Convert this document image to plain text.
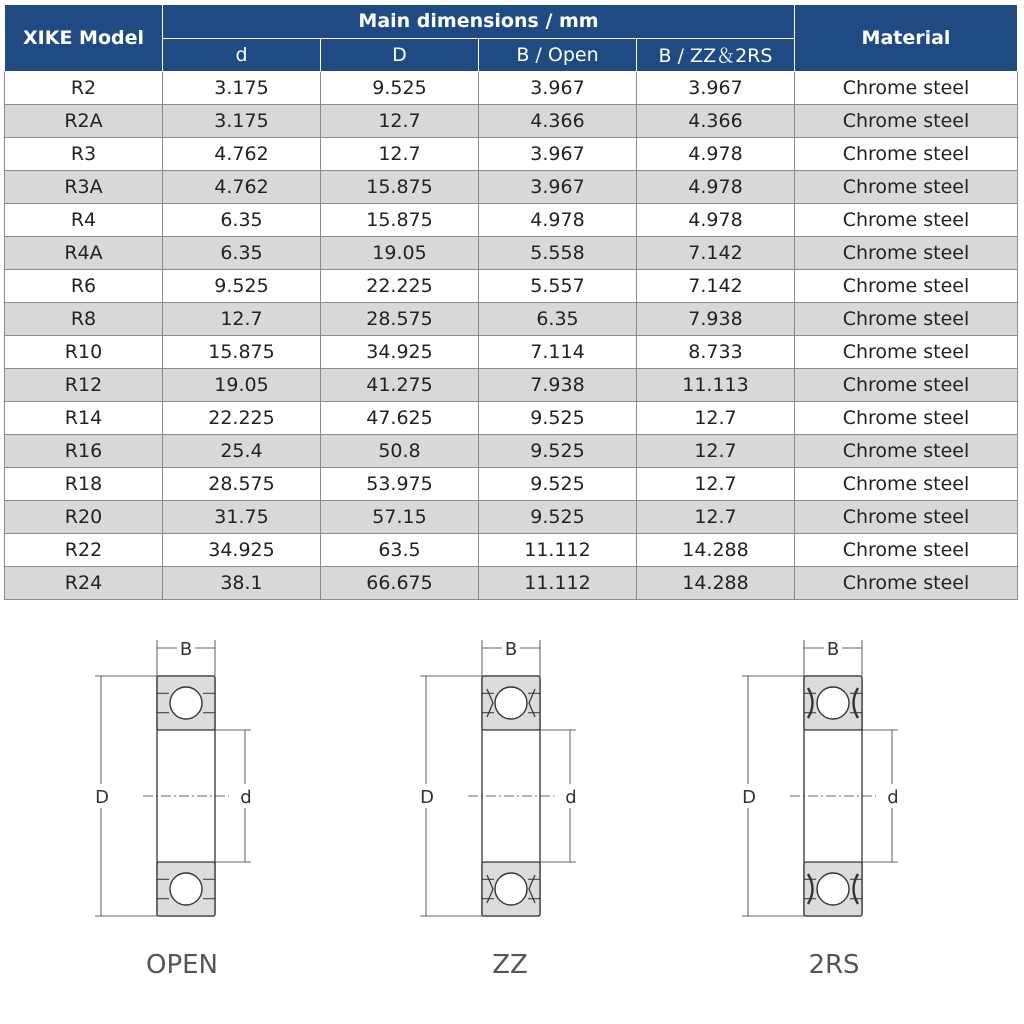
XIKE Model	Main dimensions / mm				Material
	d	D	B / Open	B / ZZ＆2RS	
R2	3.175	9.525	3.967	3.967	Chrome steel
R2A	3.175	12.7	4.366	4.366	Chrome steel
R3	4.762	12.7	3.967	4.978	Chrome steel
R3A	4.762	15.875	3.967	4.978	Chrome steel
R4	6.35	15.875	4.978	4.978	Chrome steel
R4A	6.35	19.05	5.558	7.142	Chrome steel
R6	9.525	22.225	5.557	7.142	Chrome steel
R8	12.7	28.575	6.35	7.938	Chrome steel
R10	15.875	34.925	7.114	8.733	Chrome steel
R12	19.05	41.275	7.938	11.113	Chrome steel
R14	22.225	47.625	9.525	12.7	Chrome steel
R16	25.4	50.8	9.525	12.7	Chrome steel
R18	28.575	53.975	9.525	12.7	Chrome steel
R20	31.75	57.15	9.525	12.7	Chrome steel
R22	34.925	63.5	11.112	14.288	Chrome steel
R24	38.1	66.675	11.112	14.288	Chrome steel
B
D	d
B
D	d
B
D	d
OPEN	ZZ	2RS
